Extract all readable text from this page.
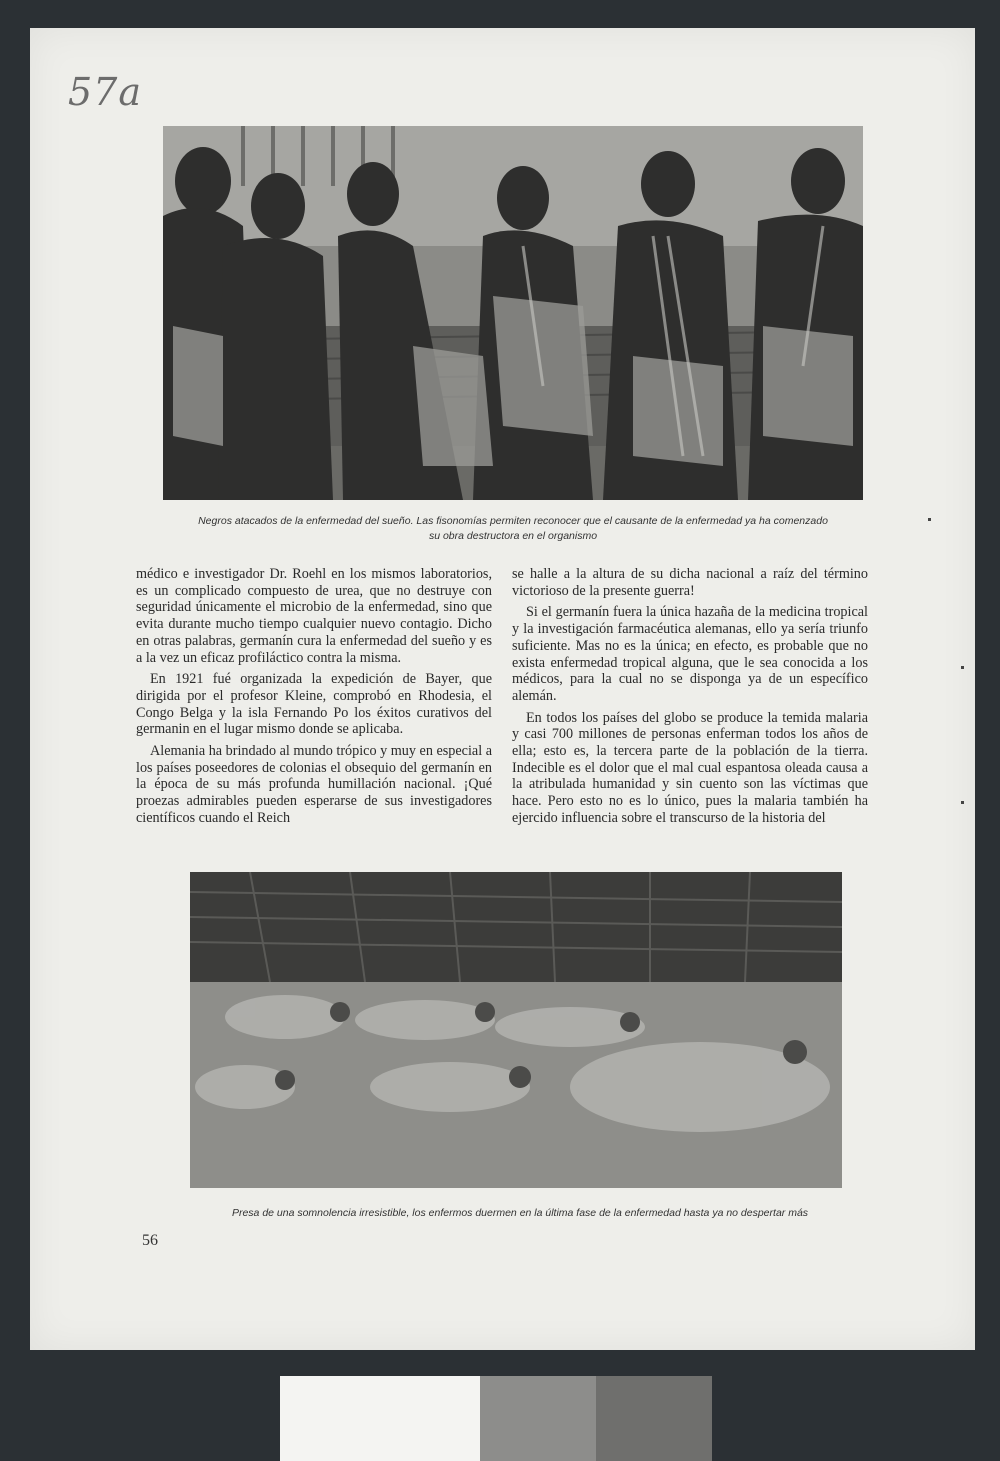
57a
Negros atacados de la enfermedad del sueño. Las fisonomías permiten reconocer que el causante de la enfermedad ya ha comenzado
su obra destructora en el organismo

médico e investigador Dr. Roehl en los mismos laboratorios, es un complicado compuesto de urea, que no destruye con seguridad únicamente el microbio de la enfermedad, sino que evita durante mucho tiempo cualquier nuevo contagio. Dicho en otras palabras, germanín cura la enfermedad del sueño y es a la vez un eficaz profiláctico contra la misma.

En 1921 fué organizada la expedición de Bayer, que dirigida por el profesor Kleine, comprobó en Rhodesia, el Congo Belga y la isla Fernando Po los éxitos curativos del germanin en el lugar mismo donde se aplicaba.

Alemania ha brindado al mundo trópico y muy en especial a los países poseedores de colonias el obsequio del germanín en la época de su más profunda humillación nacional. ¡Qué proezas admirables pueden esperarse de sus investigadores científicos cuando el Reich

se halle a la altura de su dicha nacional a raíz del término victorioso de la presente guerra!

Si el germanín fuera la única hazaña de la medicina tropical y la investigación farmacéutica alemanas, ello ya sería triunfo suficiente. Mas no es la única; en efecto, es probable que no exista enfermedad tropical alguna, que le sea conocida a los médicos, para la cual no se disponga ya de un específico alemán.

En todos los países del globo se produce la temida malaria y casi 700 millones de personas enferman todos los años de ella; esto es, la tercera parte de la población de la tierra. Indecible es el dolor que el mal cual espantosa oleada causa a la atribulada humanidad y sin cuento son las víctimas que hace. Pero esto no es lo único, pues la malaria también ha ejercido influencia sobre el transcurso de la historia del

Presa de una somnolencia irresistible, los enfermos duermen en la última fase de la enfermedad hasta ya no despertar más
56
